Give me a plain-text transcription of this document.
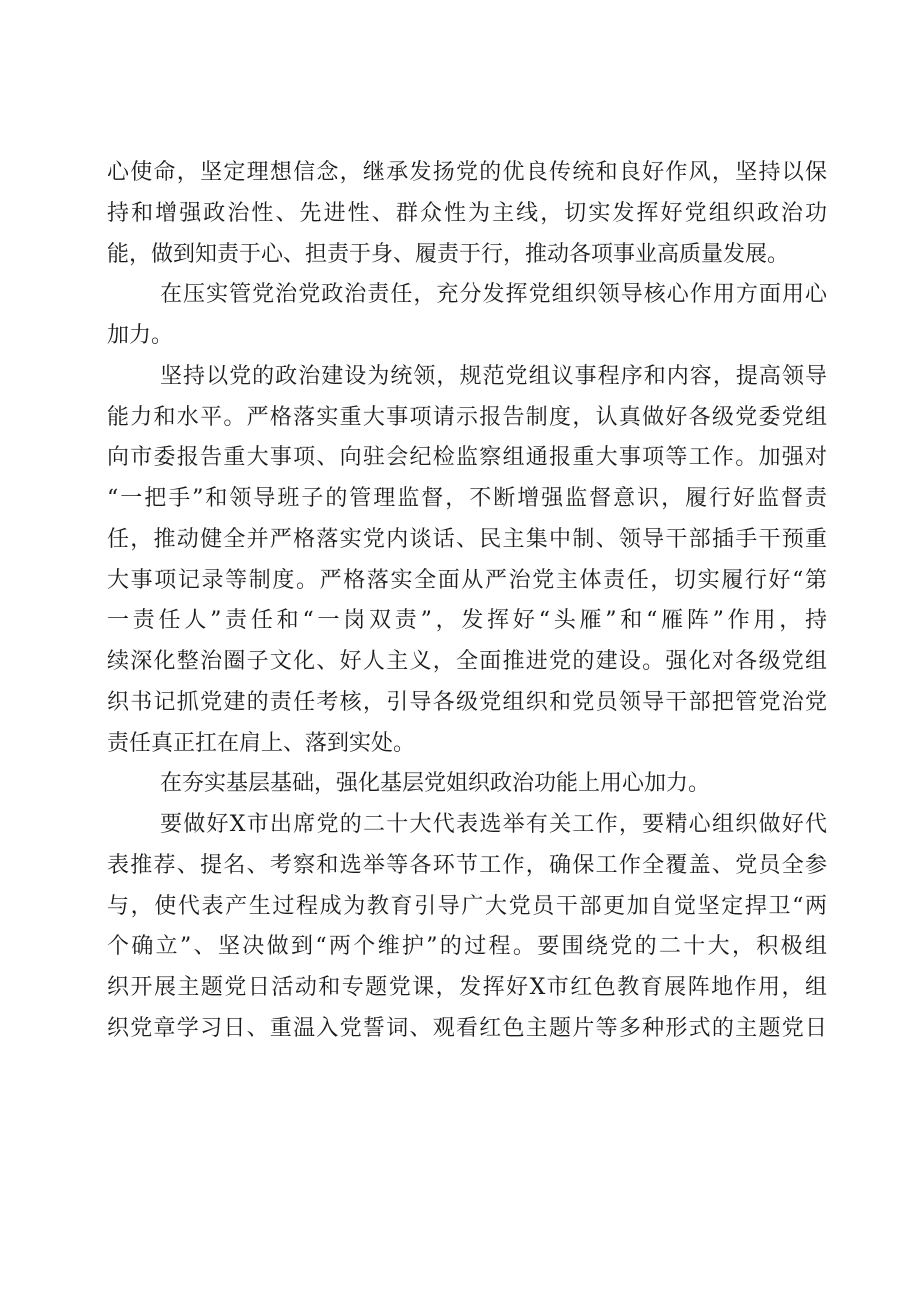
心使命，坚定理想信念，继承发扬党的优良传统和良好作风，坚持以保
持和增强政治性、先进性、群众性为主线，切实发挥好党组织政治功
能，做到知责于心、担责于身、履责于行，推动各项事业高质量发展。
在压实管党治党政治责任，充分发挥党组织领导核心作用方面用心
加力。
坚持以党的政治建设为统领，规范党组议事程序和内容，提高领导
能力和水平。严格落实重大事项请示报告制度，认真做好各级党委党组
向市委报告重大事项、向驻会纪检监察组通报重大事项等工作。加强对
“一把手”和领导班子的管理监督，不断增强监督意识，履行好监督责
任，推动健全并严格落实党内谈话、民主集中制、领导干部插手干预重
大事项记录等制度。严格落实全面从严治党主体责任，切实履行好“第
一责任人”责任和“一岗双责”，发挥好“头雁”和“雁阵”作用，持
续深化整治圈子文化、好人主义，全面推进党的建设。强化对各级党组
织书记抓党建的责任考核，引导各级党组织和党员领导干部把管党治党
责任真正扛在肩上、落到实处。
在夯实基层基础，强化基层党姐织政治功能上用心加力。
要做好X市出席党的二十大代表选举有关工作，要精心组织做好代
表推荐、提名、考察和选举等各环节工作，确保工作全覆盖、党员全参
与，使代表产生过程成为教育引导广大党员干部更加自觉坚定捍卫“两
个确立”、坚决做到“两个维护”的过程。要围绕党的二十大，积极组
织开展主题党日活动和专题党课，发挥好X市红色教育展阵地作用，组
织党章学习日、重温入党誓词、观看红色主题片等多种形式的主题党日
